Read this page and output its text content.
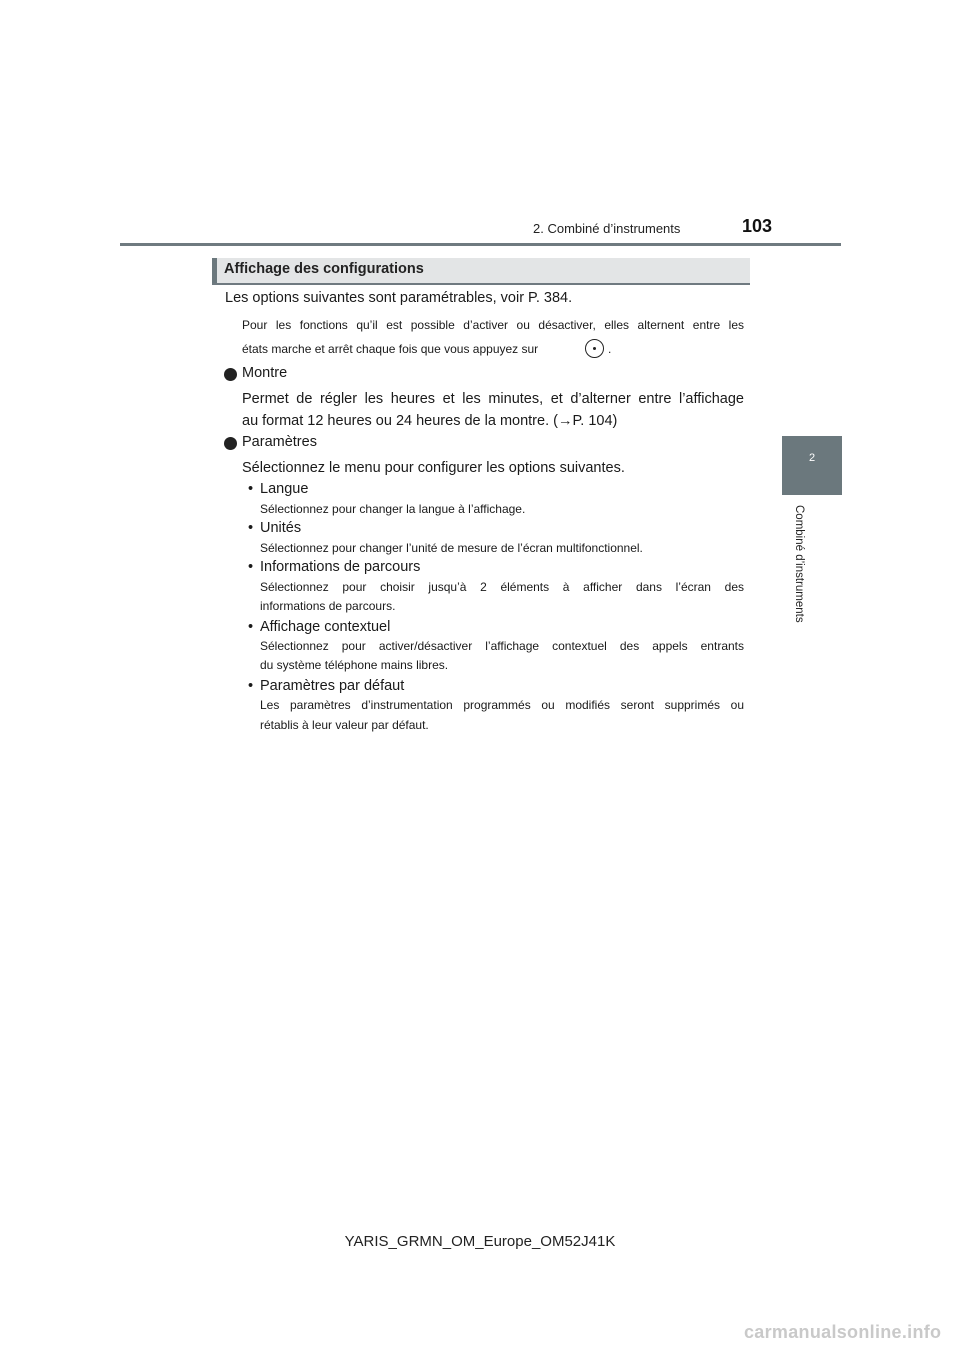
2. Combiné d’instruments	103
2
Combiné d’instruments
Affichage des configurations
Les options suivantes sont paramétrables, voir P. 384.
Pour les fonctions qu’il est possible d’activer ou désactiver, elles alternent entre les
états marche et arrêt chaque fois que vous appuyez sur	.
Montre
Permet de régler les heures et les minutes, et d’alterner entre l’affichage
au format 12 heures ou 24 heures de la montre. (→P. 104)
Paramètres
Sélectionnez le menu pour configurer les options suivantes.
• Langue
Sélectionnez pour changer la langue à l’affichage.
• Unités
Sélectionnez pour changer l’unité de mesure de l’écran multifonctionnel.
• Informations de parcours
Sélectionnez pour choisir jusqu’à 2 éléments à afficher dans l’écran des
informations de parcours.
• Affichage contextuel
Sélectionnez pour activer/désactiver l’affichage contextuel des appels entrants
du système téléphone mains libres.
• Paramètres par défaut
Les paramètres d’instrumentation programmés ou modifiés seront supprimés ou
rétablis à leur valeur par défaut.
YARIS_GRMN_OM_Europe_OM52J41K
carmanualsonline.info
